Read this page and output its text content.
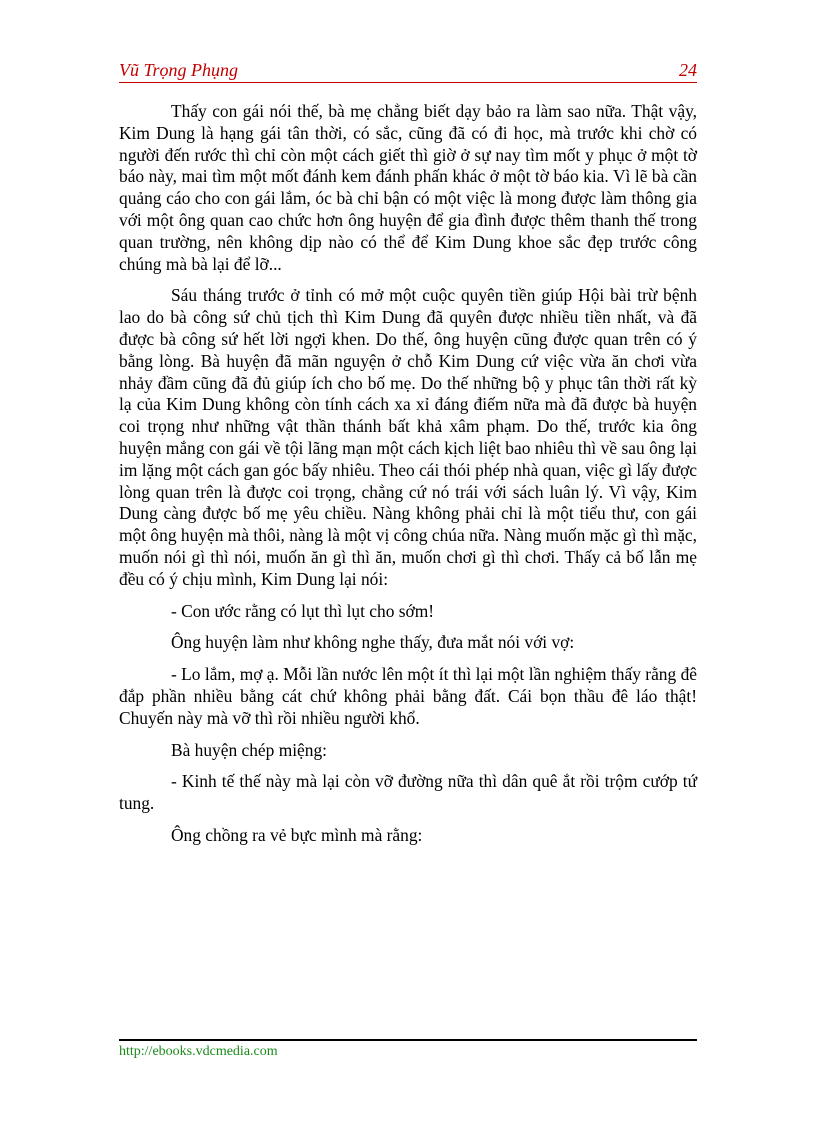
Vũ Trọng Phụng	24

Thấy con gái nói thế, bà mẹ chẳng biết dạy bảo ra làm sao nữa. Thật vậy, Kim Dung là hạng gái tân thời, có sắc, cũng đã có đi học, mà trước khi chờ có người đến rước thì chỉ còn một cách giết thì giờ ở sự nay tìm mốt y phục ở một tờ báo này, mai tìm một mốt đánh kem đánh phấn khác ở một tờ báo kia. Vì lẽ bà cần quảng cáo cho con gái lắm, óc bà chỉ bận có một việc là mong được làm thông gia với một ông quan cao chức hơn ông huyện để gia đình được thêm thanh thế trong quan trường, nên không dịp nào có thể để Kim Dung khoe sắc đẹp trước công chúng mà bà lại để lỡ...

Sáu tháng trước ở tỉnh có mở một cuộc quyên tiền giúp Hội bài trừ bệnh lao do bà công sứ chủ tịch thì Kim Dung đã quyên được nhiều tiền nhất, và đã được bà công sứ hết lời ngợi khen. Do thế, ông huyện cũng được quan trên có ý bằng lòng. Bà huyện đã mãn nguyện ở chỗ Kim Dung cứ việc vừa ăn chơi vừa nhảy đầm cũng đã đủ giúp ích cho bố mẹ. Do thế những bộ y phục tân thời rất kỳ lạ của Kim Dung không còn tính cách xa xỉ đáng điếm nữa mà đã được bà huyện coi trọng như những vật thần thánh bất khả xâm phạm. Do thế, trước kia ông huyện mắng con gái về tội lãng mạn một cách kịch liệt bao nhiêu thì về sau ông lại im lặng một cách gan góc bấy nhiêu. Theo cái thói phép nhà quan, việc gì lấy được lòng quan trên là được coi trọng, chẳng cứ nó trái với sách luân lý. Vì vậy, Kim Dung càng được bố mẹ yêu chiều. Nàng không phải chỉ là một tiểu thư, con gái một ông huyện mà thôi, nàng là một vị công chúa nữa. Nàng muốn mặc gì thì mặc, muốn nói gì thì nói, muốn ăn gì thì ăn, muốn chơi gì thì chơi. Thấy cả bố lẫn mẹ đều có ý chịu mình, Kim Dung lại nói:

- Con ước rằng có lụt thì lụt cho sớm!

Ông huyện làm như không nghe thấy, đưa mắt nói với vợ:

- Lo lắm, mợ ạ. Mỗi lần nước lên một ít thì lại một lần nghiệm thấy rằng đê đắp phần nhiều bằng cát chứ không phải bằng đất. Cái bọn thầu đê láo thật! Chuyến này mà vỡ thì rồi nhiều người khổ.

Bà huyện chép miệng:

- Kinh tế thế này mà lại còn vỡ đường nữa thì dân quê ắt rồi trộm cướp tứ tung.

Ông chồng ra vẻ bực mình mà rằng:

http://ebooks.vdcmedia.com
